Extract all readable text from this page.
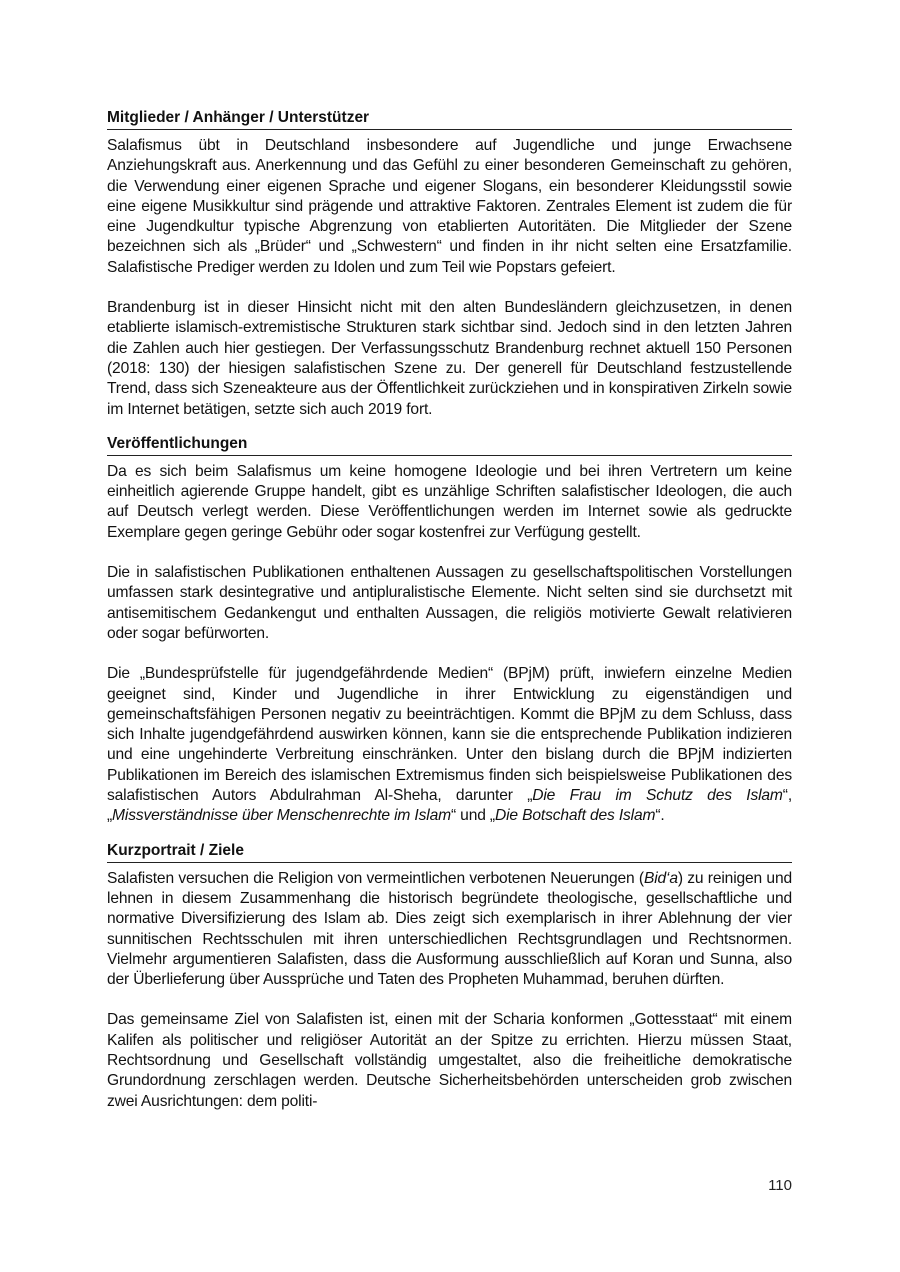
Mitglieder / Anhänger / Unterstützer

Salafismus übt in Deutschland insbesondere auf Jugendliche und junge Erwachsene Anziehungskraft aus. Anerkennung und das Gefühl zu einer besonderen Gemeinschaft zu gehören, die Verwendung einer eigenen Sprache und eigener Slogans, ein besonderer Kleidungsstil sowie eine eigene Musikkultur sind prägende und attraktive Faktoren. Zentrales Element ist zudem die für eine Jugendkultur typische Abgrenzung von etablierten Autoritäten. Die Mitglieder der Szene bezeichnen sich als „Brüder“ und „Schwestern“ und finden in ihr nicht selten eine Ersatzfamilie. Salafistische Prediger werden zu Idolen und zum Teil wie Popstars gefeiert.

Brandenburg ist in dieser Hinsicht nicht mit den alten Bundesländern gleichzusetzen, in denen etablierte islamisch-extremistische Strukturen stark sichtbar sind. Jedoch sind in den letzten Jahren die Zahlen auch hier gestiegen. Der Verfassungsschutz Brandenburg rechnet aktuell 150 Personen (2018: 130) der hiesigen salafistischen Szene zu. Der generell für Deutschland festzustellende Trend, dass sich Szeneakteure aus der Öffentlichkeit zurückziehen und in konspirativen Zirkeln sowie im Internet betätigen, setzte sich auch 2019 fort.

Veröffentlichungen

Da es sich beim Salafismus um keine homogene Ideologie und bei ihren Vertretern um keine einheitlich agierende Gruppe handelt, gibt es unzählige Schriften salafistischer Ideologen, die auch auf Deutsch verlegt werden. Diese Veröffentlichungen werden im Internet sowie als gedruckte Exemplare gegen geringe Gebühr oder sogar kostenfrei zur Verfügung gestellt.

Die in salafistischen Publikationen enthaltenen Aussagen zu gesellschaftspolitischen Vorstellungen umfassen stark desintegrative und antipluralistische Elemente. Nicht selten sind sie durchsetzt mit antisemitischem Gedankengut und enthalten Aussagen, die religiös motivierte Gewalt relativieren oder sogar befürworten.

Die „Bundesprüfstelle für jugendgefährdende Medien“ (BPjM) prüft, inwiefern einzelne Medien geeignet sind, Kinder und Jugendliche in ihrer Entwicklung zu eigenständigen und gemeinschaftsfähigen Personen negativ zu beeinträchtigen. Kommt die BPjM zu dem Schluss, dass sich Inhalte jugendgefährdend auswirken können, kann sie die entsprechende Publikation indizieren und eine ungehinderte Verbreitung einschränken. Unter den bislang durch die BPjM indizierten Publikationen im Bereich des islamischen Extremismus finden sich beispielsweise Publikationen des salafistischen Autors Abdulrahman Al-Sheha, darunter „Die Frau im Schutz des Islam“, „Missverständnisse über Menschenrechte im Islam“ und „Die Botschaft des Islam“.

Kurzportrait / Ziele

Salafisten versuchen die Religion von vermeintlichen verbotenen Neuerungen (Bid‘a) zu reinigen und lehnen in diesem Zusammenhang die historisch begründete theologische, gesellschaftliche und normative Diversifizierung des Islam ab. Dies zeigt sich exemplarisch in ihrer Ablehnung der vier sunnitischen Rechtsschulen mit ihren unterschiedlichen Rechtsgrundlagen und Rechtsnormen. Vielmehr argumentieren Salafisten, dass die Ausformung ausschließlich auf Koran und Sunna, also der Überlieferung über Aussprüche und Taten des Propheten Muhammad, beruhen dürften.

Das gemeinsame Ziel von Salafisten ist, einen mit der Scharia konformen „Gottesstaat“ mit einem Kalifen als politischer und religiöser Autorität an der Spitze zu errichten. Hierzu müssen Staat, Rechtsordnung und Gesellschaft vollständig umgestaltet, also die freiheitliche demokratische Grundordnung zerschlagen werden. Deutsche Sicherheitsbehörden unterscheiden grob zwischen zwei Ausrichtungen: dem politi-

110
